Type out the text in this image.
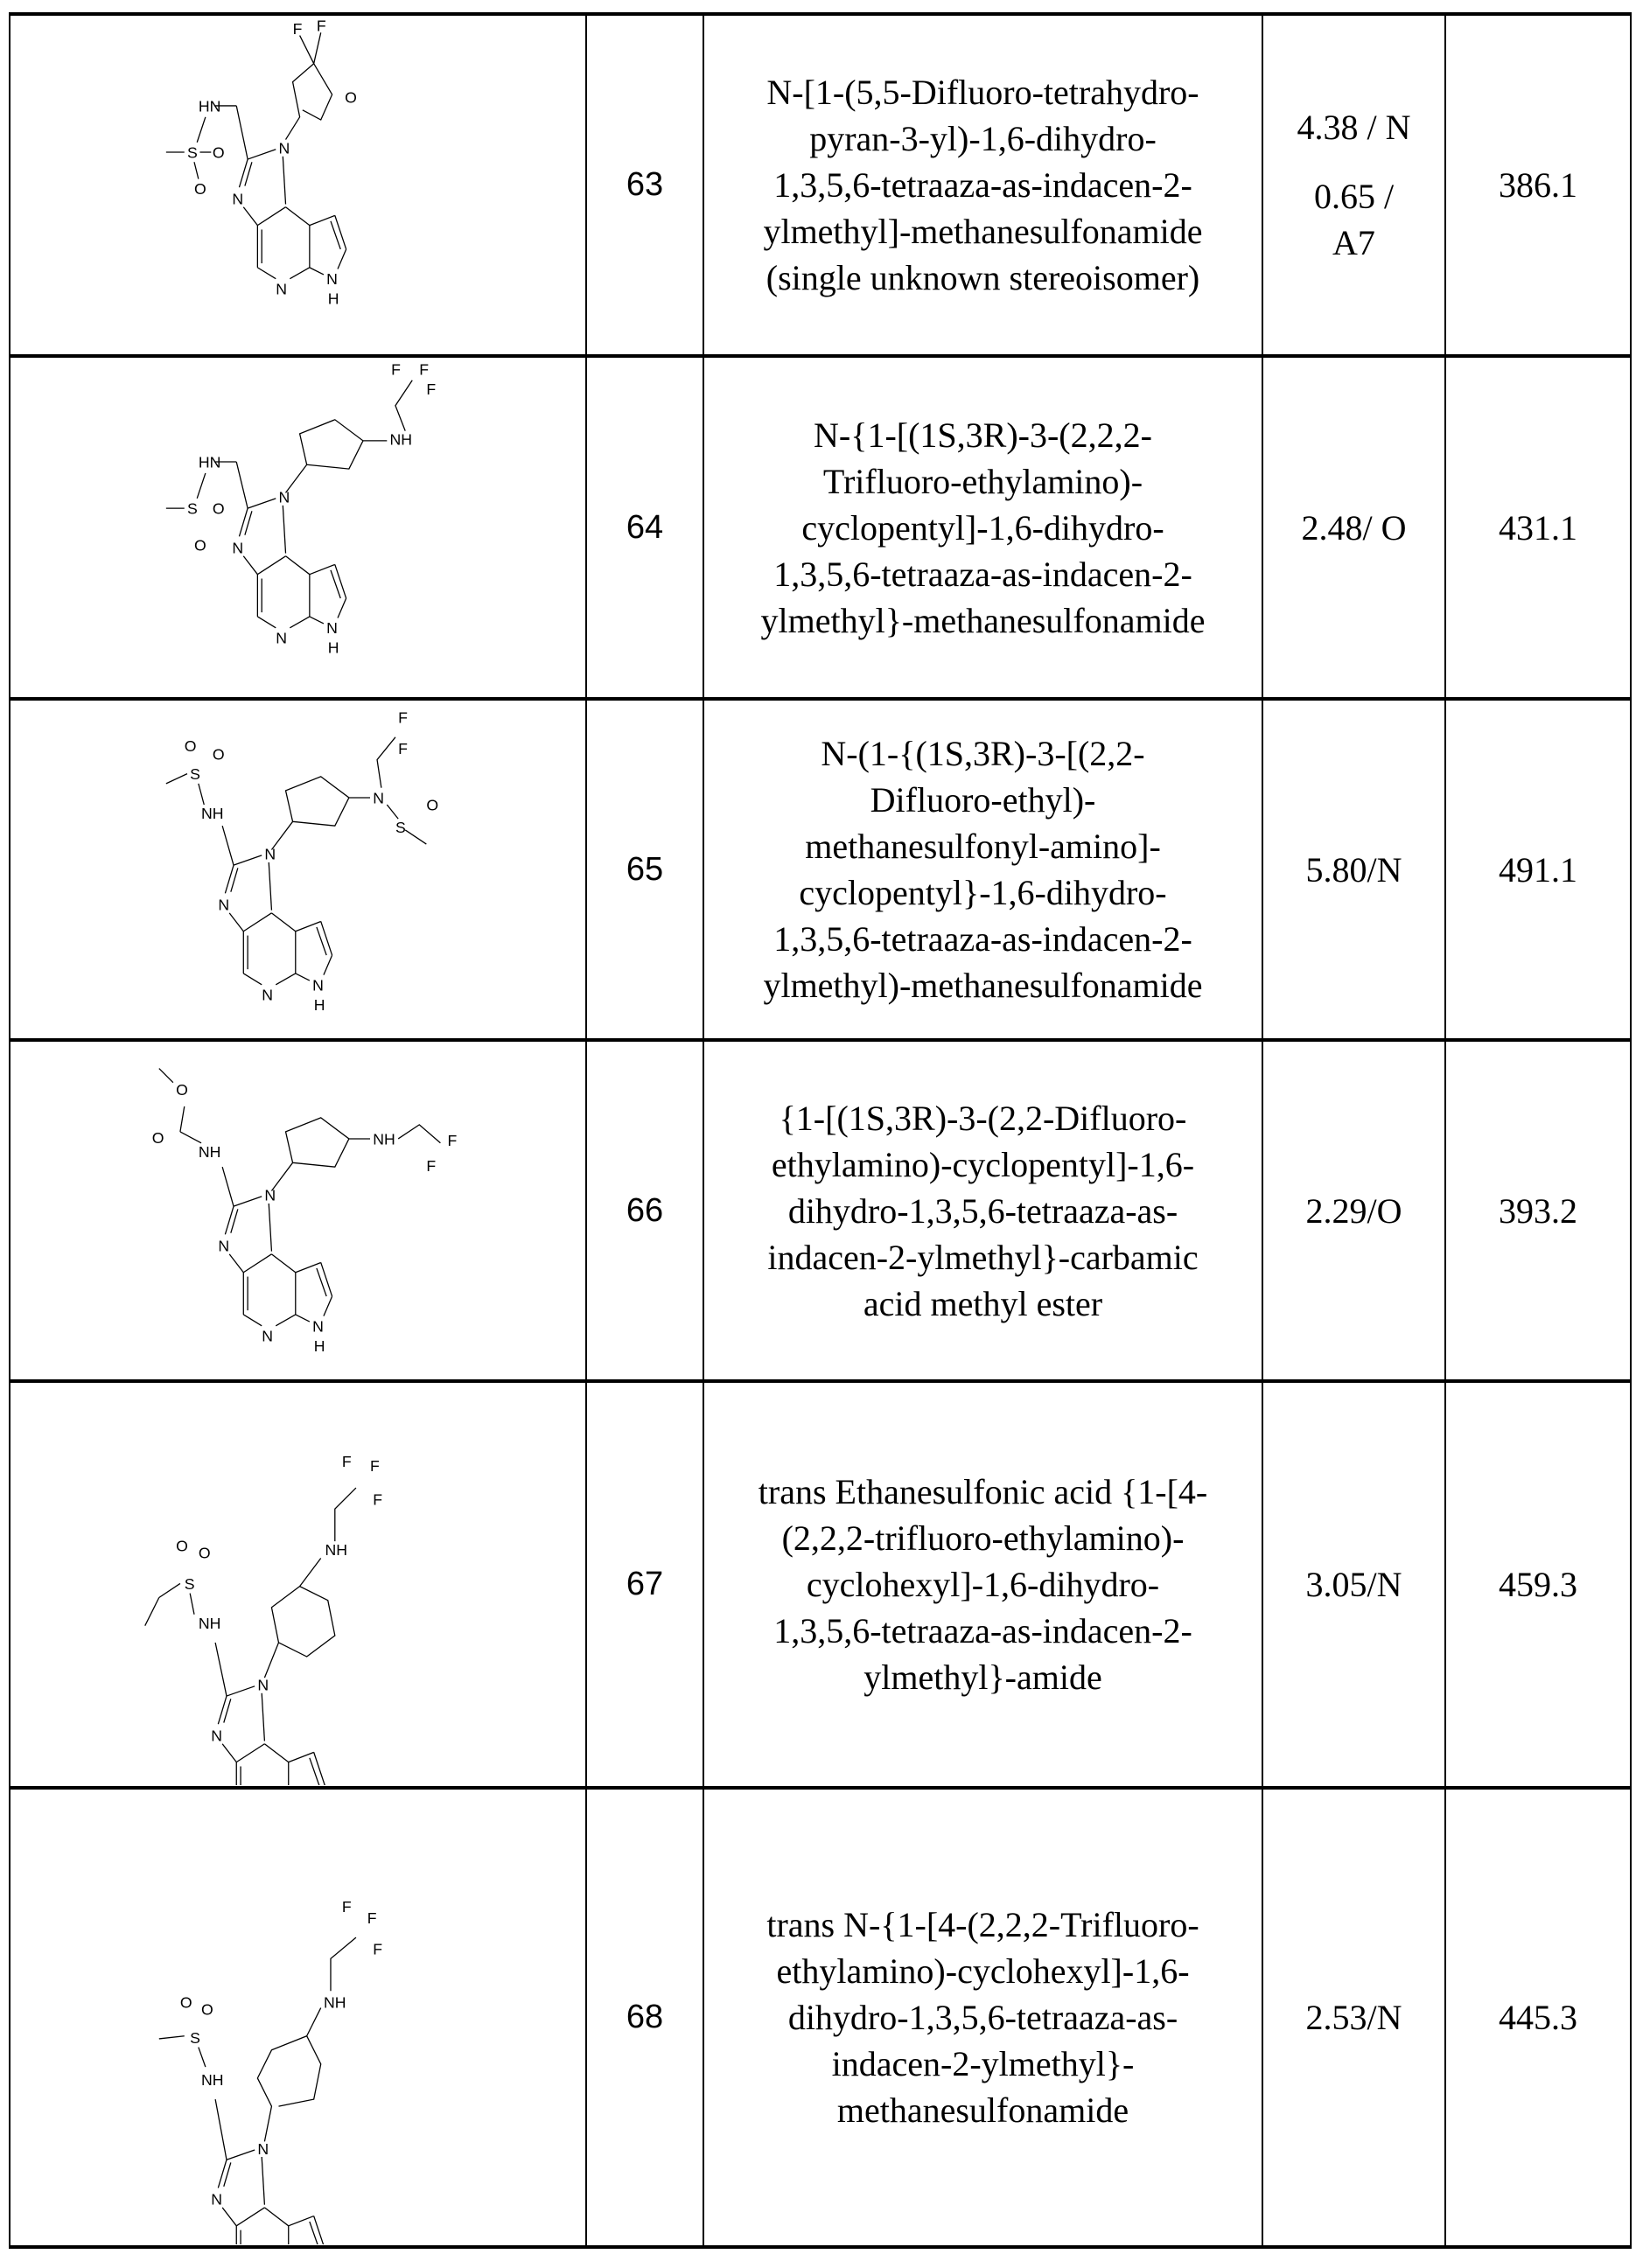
HN
S O
O
O
F F
	63	
N-[1-(5,5-Difluoro-tetrahydro-
pyran-3-yl)-1,6-dihydro-
1,3,5,6-tetraaza-as-indacen-2-
ylmethyl]-methanesulfonamide
(single unknown stereoisomer)

4.38 / N
0.65 /
A7
	386.1

HN
S O
O
NH
F F
F
	64	
N-{1-[(1S,3R)-3-(2,2,2-
Trifluoro-ethylamino)-
cyclopentyl]-1,6-dihydro-
1,3,5,6-tetraaza-as-indacen-2-
ylmethyl}-methanesulfonamide

2.48/ O	431.1

NH
S
O O
N
F
F
S
O
	65	
N-(1-{(1S,3R)-3-[(2,2-
Difluoro-ethyl)-
methanesulfonyl-amino]-
cyclopentyl}-1,6-dihydro-
1,3,5,6-tetraaza-as-indacen-2-
ylmethyl)-methanesulfonamide

5.80/N	491.1

NH
O
O
NH	F
F
	66	
{1-[(1S,3R)-3-(2,2-Difluoro-
ethylamino)-cyclopentyl]-1,6-
dihydro-1,3,5,6-tetraaza-as-
indacen-2-ylmethyl}-carbamic
acid methyl ester

2.29/O	393.2

NH
S
O O	NH
F F
F
	67	
trans Ethanesulfonic acid {1-[4-
(2,2,2-trifluoro-ethylamino)-
cyclohexyl]-1,6-dihydro-
1,3,5,6-tetraaza-as-indacen-2-
ylmethyl}-amide

3.05/N	459.3

NH
S
O O	NH
F
F
F
	68	
trans N-{1-[4-(2,2,2-Trifluoro-
ethylamino)-cyclohexyl]-1,6-
dihydro-1,3,5,6-tetraaza-as-
indacen-2-ylmethyl}-
methanesulfonamide

2.53/N	445.3
